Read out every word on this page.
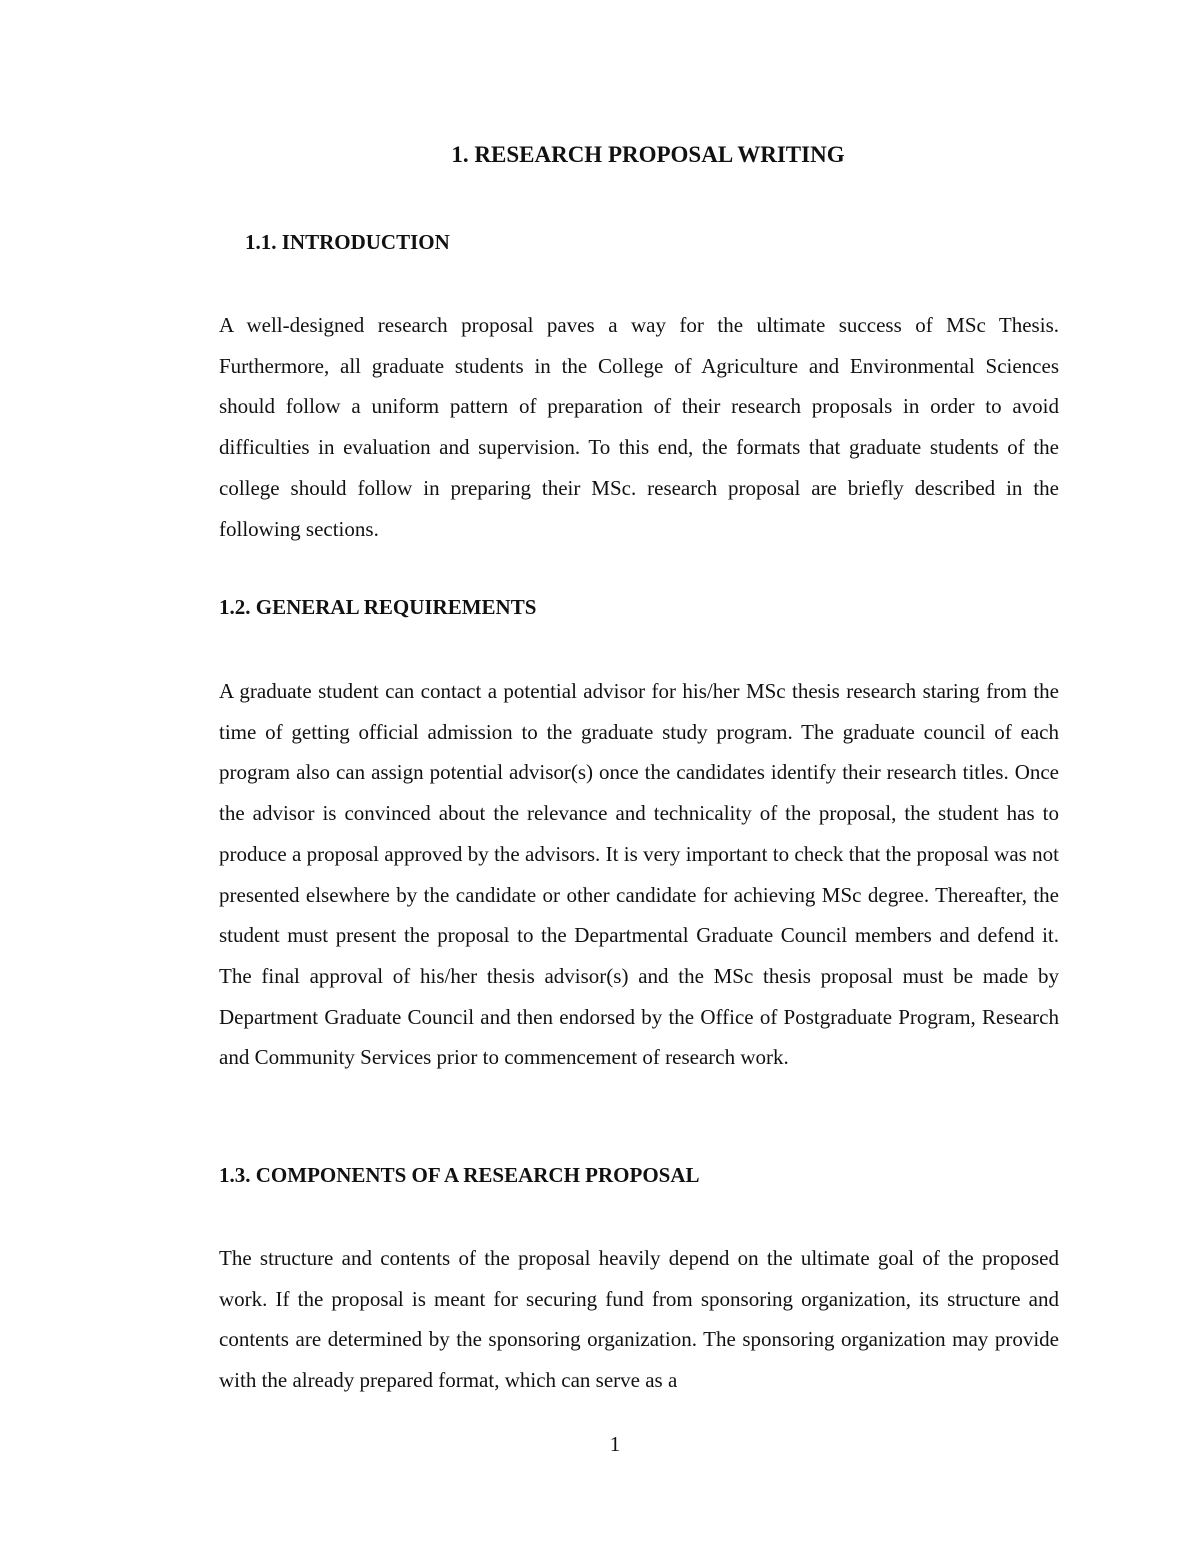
1. RESEARCH PROPOSAL WRITING
1.1. INTRODUCTION

A well-designed research proposal paves a way for the ultimate success of MSc Thesis. Furthermore, all graduate students in the College of Agriculture and Environmental Sciences should follow a uniform pattern of preparation of their research proposals in order to avoid difficulties in evaluation and supervision. To this end, the formats that graduate students of the college should follow in preparing their MSc. research proposal are briefly described in the following sections.

1.2. GENERAL REQUIREMENTS

A graduate student can contact a potential advisor for his/her MSc thesis research staring from the time of getting official admission to the graduate study program. The graduate council of each program also can assign potential advisor(s) once the candidates identify their research titles. Once the advisor is convinced about the relevance and technicality of the proposal, the student has to produce a proposal approved by the advisors. It is very important to check that the proposal was not presented elsewhere by the candidate or other candidate for achieving MSc degree. Thereafter, the student must present the proposal to the Departmental Graduate Council members and defend it. The final approval of his/her thesis advisor(s) and the MSc thesis proposal must be made by Department Graduate Council and then endorsed by the Office of Postgraduate Program, Research and Community Services prior to commencement of research work.

1.3. COMPONENTS OF A RESEARCH PROPOSAL

The structure and contents of the proposal heavily depend on the ultimate goal of the proposed work. If the proposal is meant for securing fund from sponsoring organization, its structure and contents are determined by the sponsoring organization. The sponsoring organization may provide with the already prepared format, which can serve as a

1
